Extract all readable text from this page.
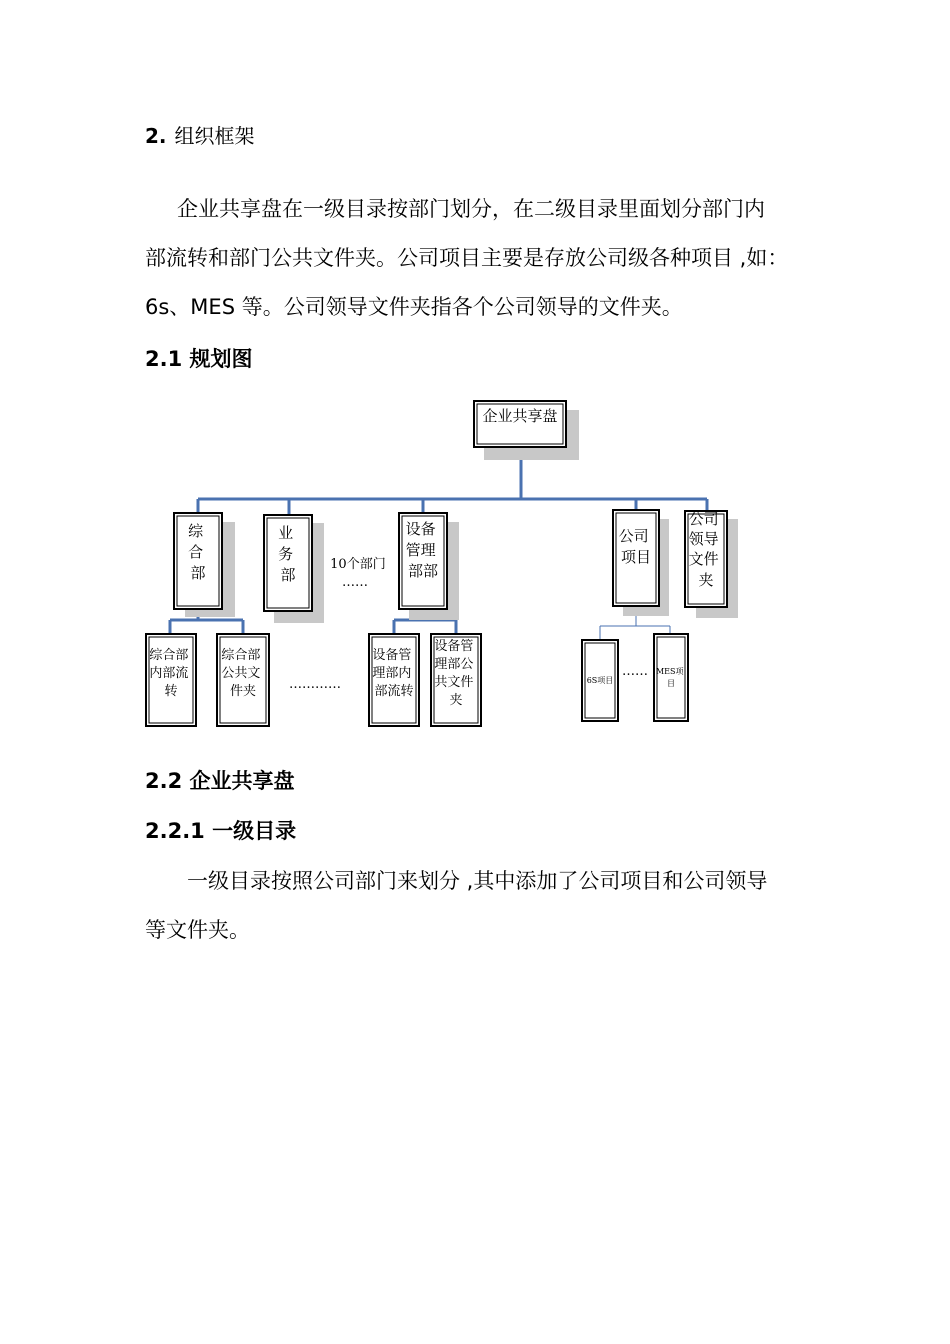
2. 组织框架
企业共享盘在一级目录按部门划分，在二级目录里面划分部门内
部流转和部门公共文件夹。公司项目主要是存放公司级各种项目 ,如：
6s、MES 等。公司领导文件夹指各个公司领导的文件夹。
2.1 规划图
企业共享盘
综 合 部
业 务 部
10个部门 ……
设备 管理 部部
公司 项目
公司 领导 文件 夹
综合部 内部流 转
综合部 公共文 件夹	…………
设备管 理部内 部流转
设备管 理部公 共文件 夹
6S项目
…… MES项 目
2.2 企业共享盘
2.2.1 一级目录
一级目录按照公司部门来划分 ,其中添加了公司项目和公司领导
等文件夹。
